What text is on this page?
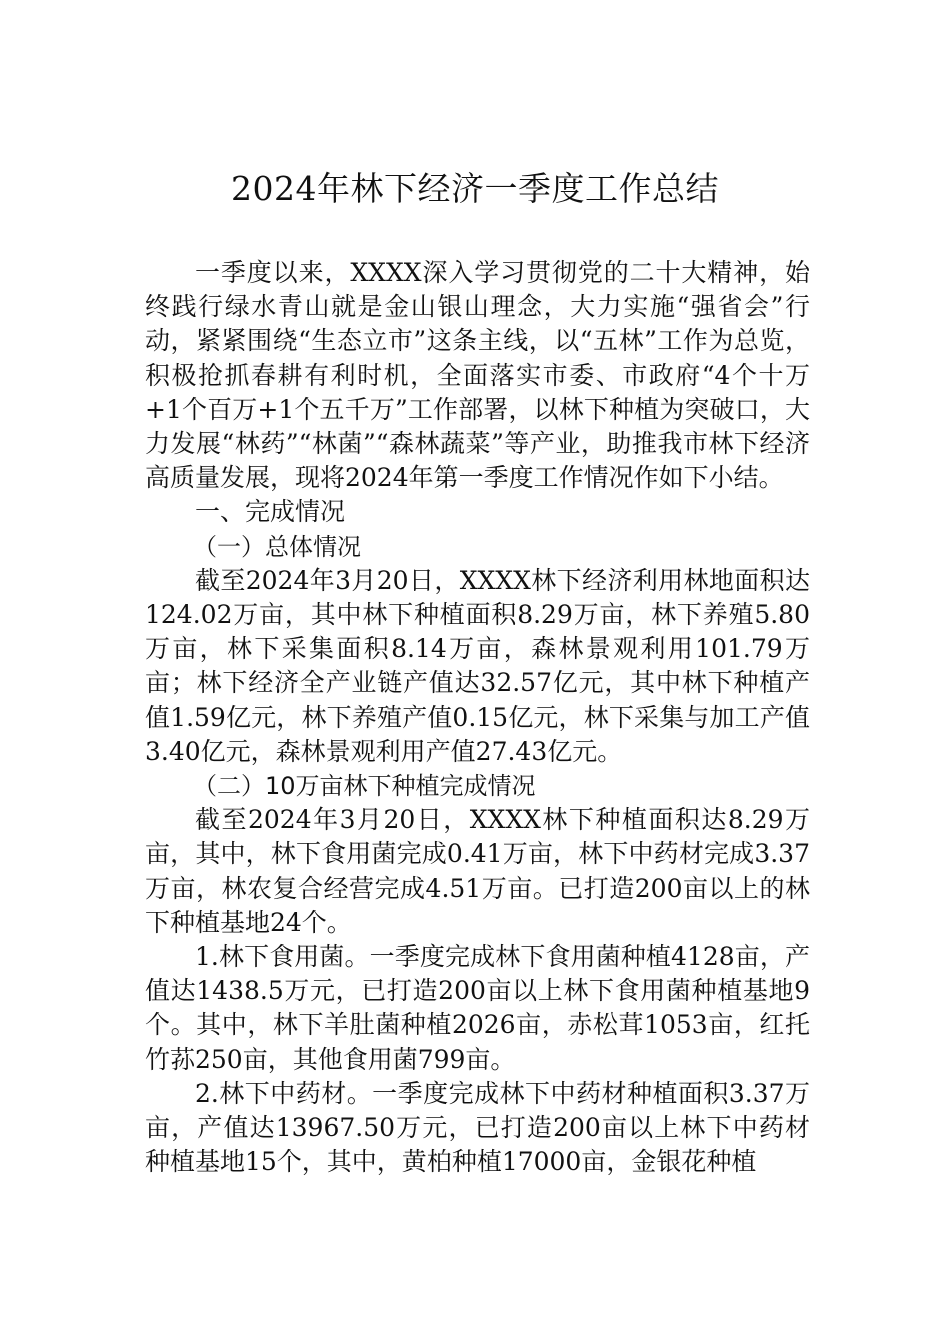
2024年林下经济一季度工作总结

一季度以来，XXXX深入学习贯彻党的二十大精神，始终践行绿水青山就是金山银山理念，大力实施“强省会”行动，紧紧围绕“生态立市”这条主线，以“五林”工作为总览，积极抢抓春耕有利时机，全面落实市委、市政府“4个十万+1个百万+1个五千万”工作部署，以林下种植为突破口，大力发展“林药”“林菌”“森林蔬菜”等产业，助推我市林下经济高质量发展，现将2024年第一季度工作情况作如下小结。

一、完成情况

（一）总体情况

截至2024年3月20日，XXXX林下经济利用林地面积达124.02万亩，其中林下种植面积8.29万亩，林下养殖5.80万亩，林下采集面积8.14万亩，森林景观利用101.79万亩；林下经济全产业链产值达32.57亿元，其中林下种植产值1.59亿元，林下养殖产值0.15亿元，林下采集与加工产值3.40亿元，森林景观利用产值27.43亿元。

（二）10万亩林下种植完成情况

截至2024年3月20日，XXXX林下种植面积达8.29万亩，其中，林下食用菌完成0.41万亩，林下中药材完成3.37万亩，林农复合经营完成4.51万亩。已打造200亩以上的林下种植基地24个。

1.林下食用菌。一季度完成林下食用菌种植4128亩，产值达1438.5万元，已打造200亩以上林下食用菌种植基地9个。其中，林下羊肚菌种植2026亩，赤松茸1053亩，红托竹荪250亩，其他食用菌799亩。

2.林下中药材。一季度完成林下中药材种植面积3.37万亩，产值达13967.50万元，已打造200亩以上林下中药材种植基地15个，其中，黄柏种植17000亩，金银花种植
